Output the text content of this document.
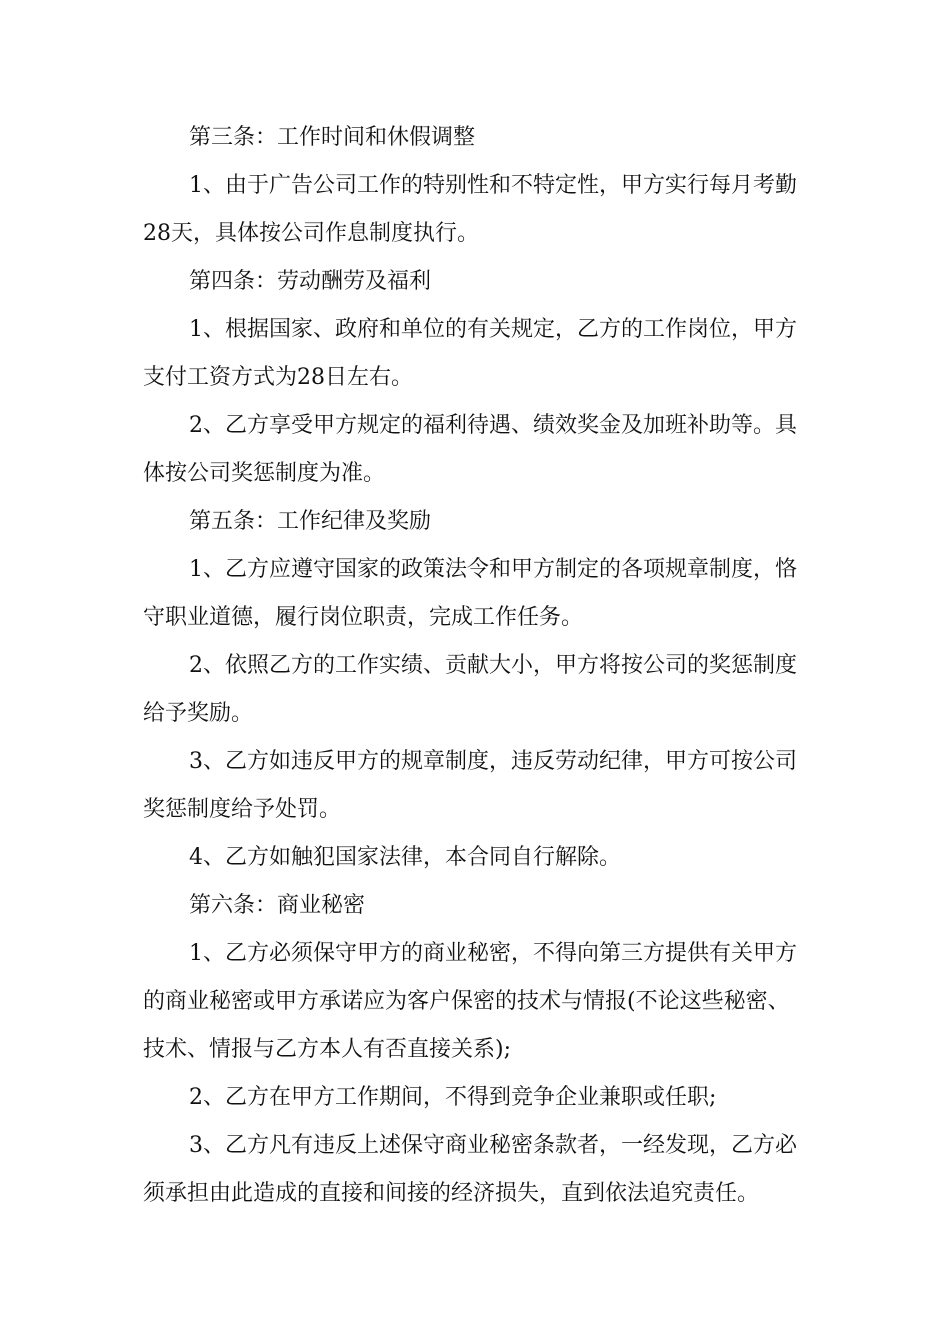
第三条：工作时间和休假调整
1、由于广告公司工作的特别性和不特定性，甲方实行每月考勤
28天，具体按公司作息制度执行。
第四条：劳动酬劳及福利
1、根据国家、政府和单位的有关规定，乙方的工作岗位，甲方
支付工资方式为28日左右。
2、乙方享受甲方规定的福利待遇、绩效奖金及加班补助等。具
体按公司奖惩制度为准。
第五条：工作纪律及奖励
1、乙方应遵守国家的政策法令和甲方制定的各项规章制度，恪
守职业道德，履行岗位职责，完成工作任务。
2、依照乙方的工作实绩、贡献大小，甲方将按公司的奖惩制度
给予奖励。
3、乙方如违反甲方的规章制度，违反劳动纪律，甲方可按公司
奖惩制度给予处罚。
4、乙方如触犯国家法律，本合同自行解除。
第六条：商业秘密
1、乙方必须保守甲方的商业秘密，不得向第三方提供有关甲方
的商业秘密或甲方承诺应为客户保密的技术与情报(不论这些秘密、
技术、情报与乙方本人有否直接关系);
2、乙方在甲方工作期间，不得到竞争企业兼职或任职;
3、乙方凡有违反上述保守商业秘密条款者，一经发现，乙方必
须承担由此造成的直接和间接的经济损失，直到依法追究责任。
